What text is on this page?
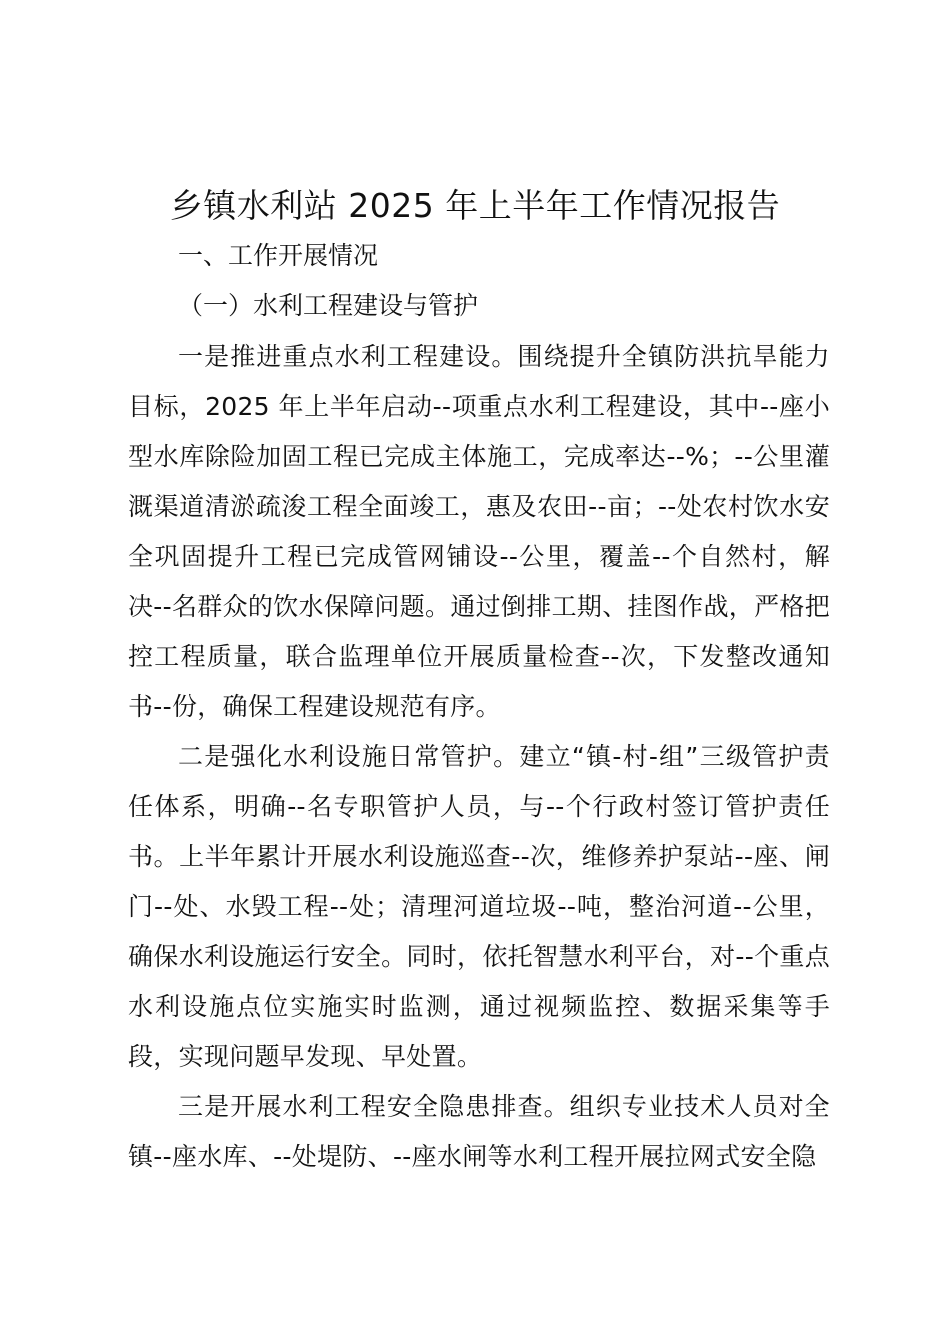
乡镇水利站 2025 年上半年工作情况报告

一、工作开展情况

（一）水利工程建设与管护

一是推进重点水利工程建设。围绕提升全镇防洪抗旱能力目标，2025 年上半年启动--项重点水利工程建设，其中--座小型水库除险加固工程已完成主体施工，完成率达--%；--公里灌溉渠道清淤疏浚工程全面竣工，惠及农田--亩；--处农村饮水安全巩固提升工程已完成管网铺设--公里，覆盖--个自然村，解决--名群众的饮水保障问题。通过倒排工期、挂图作战，严格把控工程质量，联合监理单位开展质量检查--次，下发整改通知书--份，确保工程建设规范有序。

二是强化水利设施日常管护。建立“镇-村-组”三级管护责任体系，明确--名专职管护人员，与--个行政村签订管护责任书。上半年累计开展水利设施巡查--次，维修养护泵站--座、闸门--处、水毁工程--处；清理河道垃圾--吨，整治河道--公里，确保水利设施运行安全。同时，依托智慧水利平台，对--个重点水利设施点位实施实时监测，通过视频监控、数据采集等手段，实现问题早发现、早处置。

三是开展水利工程安全隐患排查。组织专业技术人员对全镇--座水库、--处堤防、--座水闸等水利工程开展拉网式安全隐
